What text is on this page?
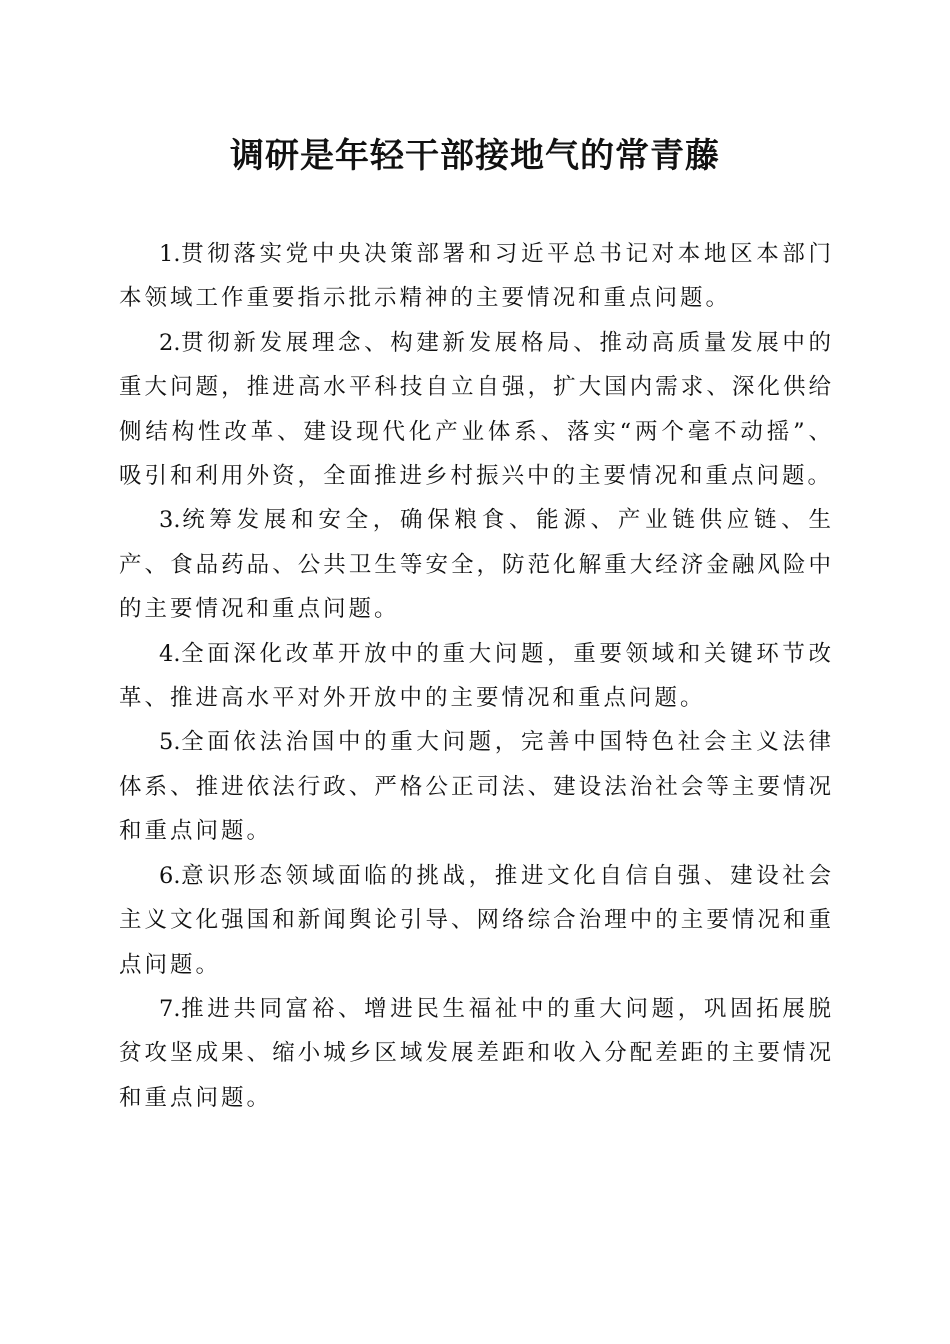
调研是年轻干部接地气的常青藤

1.贯彻落实党中央决策部署和习近平总书记对本地区本部门本领域工作重要指示批示精神的主要情况和重点问题。

2.贯彻新发展理念、构建新发展格局、推动高质量发展中的重大问题，推进高水平科技自立自强，扩大国内需求、深化供给侧结构性改革、建设现代化产业体系、落实“两个毫不动摇”、吸引和利用外资，全面推进乡村振兴中的主要情况和重点问题。

3.统筹发展和安全，确保粮食、能源、产业链供应链、生产、食品药品、公共卫生等安全，防范化解重大经济金融风险中的主要情况和重点问题。

4.全面深化改革开放中的重大问题，重要领域和关键环节改革、推进高水平对外开放中的主要情况和重点问题。

5.全面依法治国中的重大问题，完善中国特色社会主义法律体系、推进依法行政、严格公正司法、建设法治社会等主要情况和重点问题。

6.意识形态领域面临的挑战，推进文化自信自强、建设社会主义文化强国和新闻舆论引导、网络综合治理中的主要情况和重点问题。

7.推进共同富裕、增进民生福祉中的重大问题，巩固拓展脱贫攻坚成果、缩小城乡区域发展差距和收入分配差距的主要情况和重点问题。
